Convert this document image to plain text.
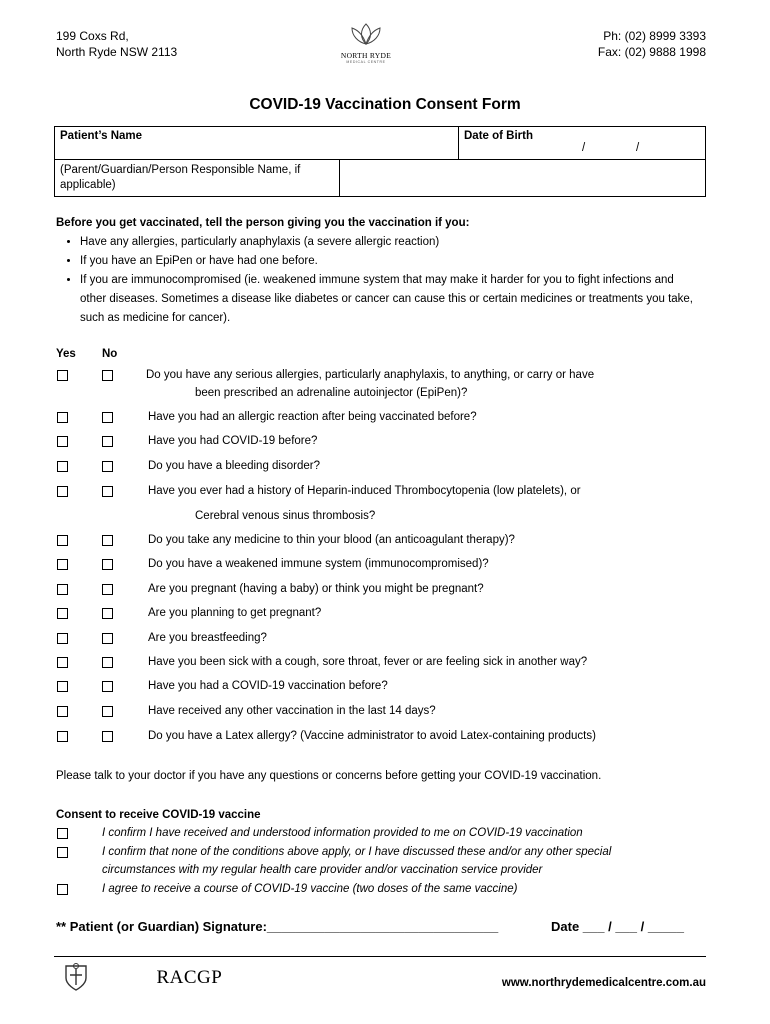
199 Coxs Rd,
North Ryde NSW 2113	NORTH RYDE
MEDICAL CENTRE
Ph: (02) 8999 3393
Fax: (02) 9888 1998
COVID-19 Vaccination Consent Form
Patient’s Name		Date of Birth
/ /

(Parent/Guardian/Person Responsible Name, if applicable)		
Before you get vaccinated, tell the person giving you the vaccination if you:
• Have any allergies, particularly anaphylaxis (a severe allergic reaction)
• If you have an EpiPen or have had one before.
• If you are immunocompromised (ie. weakened immune system that may make it harder for you to fight infections and other diseases. Sometimes a disease like diabetes or cancer can cause this or certain medicines or treatments you take, such as medicine for cancer).
Yes No
Do you have any serious allergies, particularly anaphylaxis, to anything, or carry or have
been prescribed an adrenaline autoinjector (EpiPen)?
Have you had an allergic reaction after being vaccinated before?
Have you had COVID-19 before?
Do you have a bleeding disorder?
Have you ever had a history of Heparin-induced Thrombocytopenia (low platelets), or
Cerebral venous sinus thrombosis?
Do you take any medicine to thin your blood (an anticoagulant therapy)?
Do you have a weakened immune system (immunocompromised)?
Are you pregnant (having a baby) or think you might be pregnant?
Are you planning to get pregnant?
Are you breastfeeding?
Have you been sick with a cough, sore throat, fever or are feeling sick in another way?
Have you had a COVID-19 vaccination before?
Have received any other vaccination in the last 14 days?
Do you have a Latex allergy? (Vaccine administrator to avoid Latex-containing products)
Please talk to your doctor if you have any questions or concerns before getting your COVID-19 vaccination.
Consent to receive COVID-19 vaccine
I confirm I have received and understood information provided to me on COVID-19 vaccination
I confirm that none of the conditions above apply, or I have discussed these and/or any other special
circumstances with my regular health care provider and/or vaccination service provider
I agree to receive a course of COVID-19 vaccine (two doses of the same vaccine)
** Patient (or Guardian) Signature:________________________________	Date ___ / ___ / _____
RACGP	www.northrydemedicalcentre.com.au
